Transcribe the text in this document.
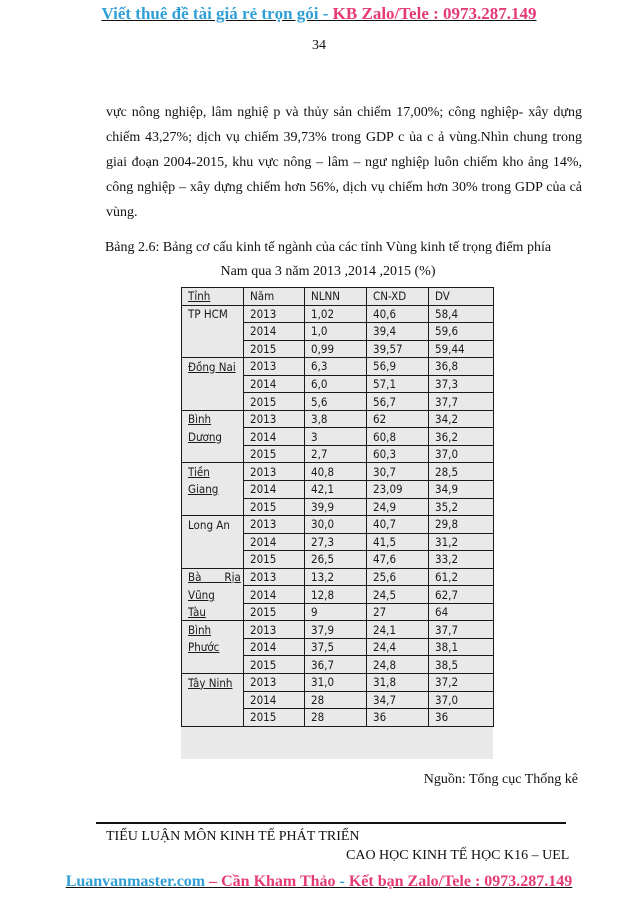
Viết thuê đề tài giá rẻ trọn gói - KB Zalo/Tele : 0973.287.149
34
vực nông nghiệp, lâm nghiệ p và thủy sản chiếm 17,00%; công nghiệp- xây dựng
chiếm 43,27%; dịch vụ chiếm 39,73% trong GDP c ủa c ả vùng.Nhìn chung trong
giai đoạn 2004-2015, khu vực nông – lâm – ngư nghiệp luôn chiếm kho ảng 14%,
công nghiệp – xây dựng chiếm hơn 56%, dịch vụ chiếm hơn 30% trong GDP của cả
vùng.
Bảng 2.6: Bảng cơ cấu kinh tế ngành của các tỉnh Vùng kinh tế trọng điểm phía
Nam qua 3 năm 2013 ,2014 ,2015 (%)
Tỉnh	Năm	NLNN	CN-XD	DV
TP HCM	2013	1,02	40,6	58,4
	2014	1,0	39,4	59,6
	2015	0,99	39,57	59,44
Đồng Nai	2013	6,3	56,9	36,8
	2014	6,0	57,1	37,3
	2015	5,6	56,7	37,7
Bình	2013	3,8	62	34,2
Dương	2014	3	60,8	36,2
	2015	2,7	60,3	37,0
Tiền	2013	40,8	30,7	28,5
Giang	2014	42,1	23,09	34,9
	2015	39,9	24,9	35,2
Long An	2013	30,0	40,7	29,8
	2014	27,3	41,5	31,2
	2015	26,5	47,6	33,2
Bà       Rịa	2013	13,2	25,6	61,2
Vũng	2014	12,8	24,5	62,7
Tàu	2015	9	27	64
Bình	2013	37,9	24,1	37,7
Phước	2014	37,5	24,4	38,1
	2015	36,7	24,8	38,5
Tây Ninh	2013	31,0	31,8	37,2
	2014	28	34,7	37,0
	2015	28	36	36
Nguồn: Tổng cục Thống kê
TIỂU LUẬN MÔN KINH TẾ PHÁT TRIỂN
CAO HỌC KINH TẾ HỌC K16 – UEL
Luanvanmaster.com – Cần Kham Thảo - Kết bạn Zalo/Tele : 0973.287.149
